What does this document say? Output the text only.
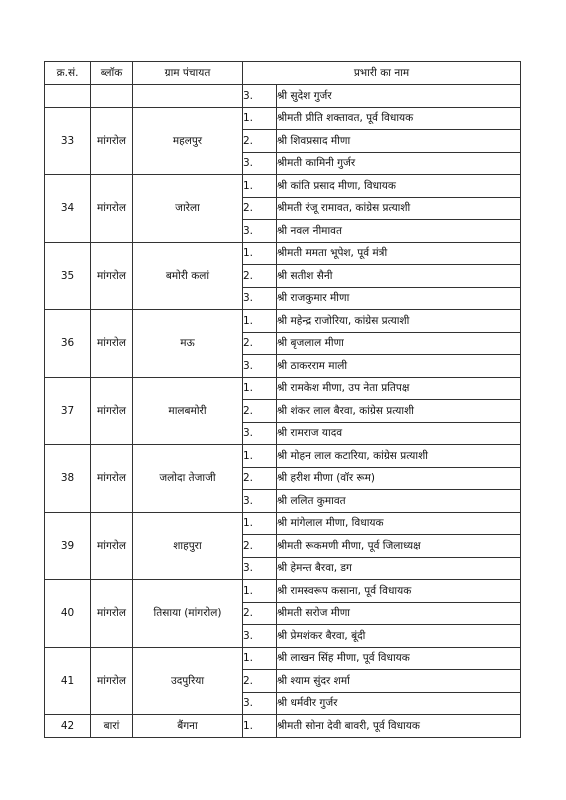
क्र.सं.	ब्लॉक	ग्राम पंचायत	प्रभारी का नाम	
			3.	श्री सुदेश गुर्जर
33	मांगरोल	महलपुर	1.	श्रीमती प्रीति शक्तावत, पूर्व विधायक
			2.	श्री शिवप्रसाद मीणा
			3.	श्रीमती कामिनी गुर्जर
34	मांगरोल	जारेला	1.	श्री कांति प्रसाद मीणा, विधायक
			2.	श्रीमती रंजू रामावत, कांग्रेस प्रत्याशी
			3.	श्री नवल नीमावत
35	मांगरोल	बमोरी कलां	1.	श्रीमती ममता भूपेश, पूर्व मंत्री
			2.	श्री सतीश सैनी
			3.	श्री राजकुमार मीणा
36	मांगरोल	मऊ	1.	श्री महेन्द्र राजोरिया, कांग्रेस प्रत्याशी
			2.	श्री बृजलाल मीणा
			3.	श्री ठाकरराम माली
37	मांगरोल	मालबमोरी	1.	श्री रामकेश मीणा, उप नेता प्रतिपक्ष
			2.	श्री शंकर लाल बैरवा, कांग्रेस प्रत्याशी
			3.	श्री रामराज यादव
38	मांगरोल	जलोदा तेजाजी	1.	श्री मोहन लाल कटारिया, कांग्रेस प्रत्याशी
			2.	श्री हरीश मीणा (वॉर रूम)
			3.	श्री ललित कुमावत
39	मांगरोल	शाहपुरा	1.	श्री मांगेलाल मीणा, विधायक
			2.	श्रीमती रूकमणी मीणा, पूर्व जिलाध्यक्ष
			3.	श्री हेमन्त बैरवा, डग
40	मांगरोल	तिसाया (मांगरोल)	1.	श्री रामस्वरूप कसाना, पूर्व विधायक
			2.	श्रीमती सरोज मीणा
			3.	श्री प्रेमशंकर बैरवा, बूंदी
41	मांगरोल	उदपुरिया	1.	श्री लाखन सिंह मीणा, पूर्व विधायक
			2.	श्री श्याम सुंदर शर्मा
			3.	श्री धर्मवीर गुर्जर
42	बारां	बैंगना	1.	श्रीमती सोना देवी बावरी, पूर्व विधायक
